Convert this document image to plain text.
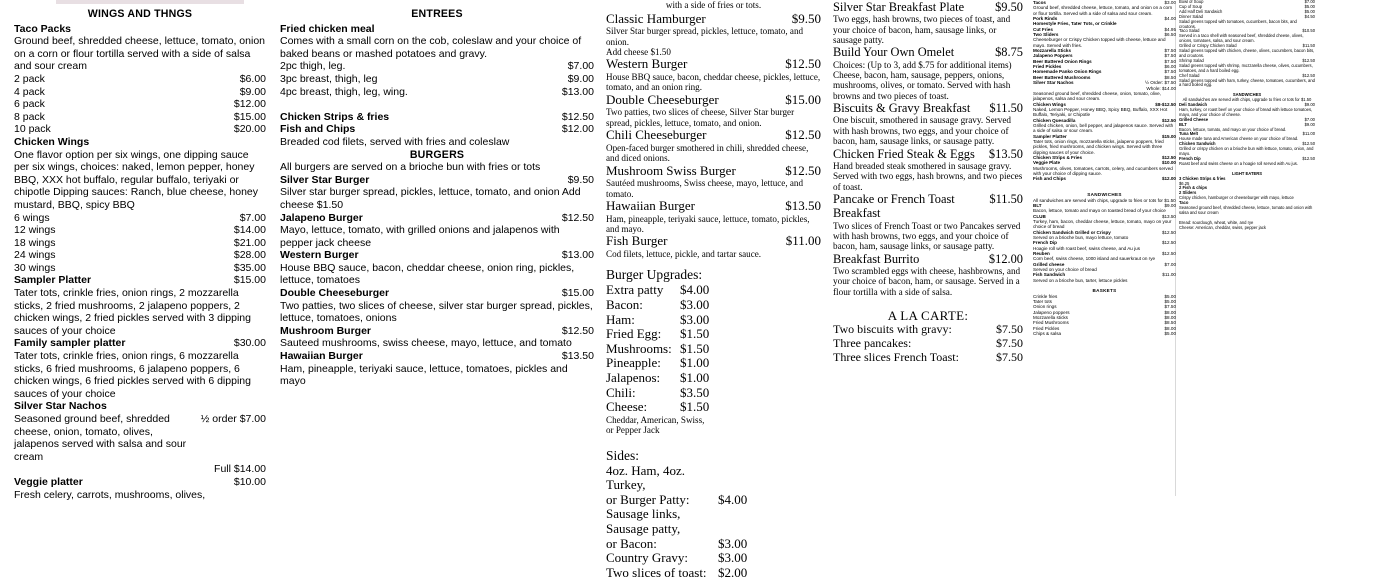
WINGS AND THNGS
Taco Packs
Ground beef, shredded cheese, lettuce, tomato, onion on a corn or flour tortilla served with a side of salsa and sour cream
2 pack	$6.00
4 pack	$9.00
6 pack	$12.00
8 pack	$15.00
10 pack	$20.00
Chicken Wings
One flavor option per six wings, one dipping sauce per six wings, choices: naked, lemon pepper, honey BBQ, XXX hot buffalo, regular buffalo, teriyaki or chipotle Dipping sauces: Ranch, blue cheese, honey mustard, BBQ, spicy BBQ
6 wings	$7.00
12 wings	$14.00
18 wings	$21.00
24 wings	$28.00
30 wings	$35.00
Sampler Platter	$15.00
Tater tots, crinkle fries, onion rings, 2 mozzarella sticks, 2 fried mushrooms, 2 jalapeno poppers, 2 chicken wings, 2 fried pickles served with 3 dipping sauces of your choice
Family sampler platter	$30.00
Tater tots, crinkle fries, onion rings, 6 mozzarella sticks, 6 fried mushrooms, 6 jalapeno poppers, 6 chicken wings, 6 fried pickles served with 6 dipping sauces of your choice
Silver Star Nachos
Seasoned ground beef, shredded cheese, onion, tomato, olives, jalapenos served with salsa and sour cream
½ order $7.00
Full $14.00
Veggie platter	$10.00
Fresh celery, carrots, mushrooms, olives,
ENTREES
Fried chicken meal
Comes with a small corn on the cob, coleslaw and your choice of baked beans or mashed potatoes and gravy.
2pc thigh, leg.	$7.00
3pc breast, thigh, leg	$9.00
4pc breast, thigh, leg, wing.	$13.00
Chicken Strips & fries	$12.50
Fish and Chips	$12.00
Breaded cod filets, served with fries and coleslaw
BURGERS
All burgers are served on a brioche bun with fries or tots
Silver Star Burger	$9.50
Silver star burger spread, pickles, lettuce, tomato, and onion Add cheese $1.50
Jalapeno Burger	$12.50
Mayo, lettuce, tomato, with grilled onions and jalapenos with pepper jack cheese
Western Burger	$13.00
House BBQ sauce, bacon, cheddar cheese, onion ring, pickles, lettuce, tomatoes
Double Cheeseburger	$15.00
Two patties, two slices of cheese, silver star burger spread, pickles, lettuce, tomatoes, onions
Mushroom Burger	$12.50
Sauteed mushrooms, swiss cheese, mayo, lettuce, and tomato
Hawaiian Burger	$13.50
Ham, pineapple, teriyaki sauce, lettuce, tomatoes, pickles and mayo
with a side of fries or tots.
Classic Hamburger	$9.50
Silver Star burger spread, pickles, lettuce, tomato, and onion.
Add cheese $1.50
Western Burger	$12.50
House BBQ sauce, bacon, cheddar cheese, pickles, lettuce, tomato, and an onion ring.
Double Cheeseburger	$15.00
Two patties, two slices of cheese, Silver Star burger spread, pickles, lettuce, tomato, and onion.
Chili Cheeseburger	$12.50
Open-faced burger smothered in chili, shredded cheese, and diced onions.
Mushroom Swiss Burger	$12.50
Sautéed mushrooms, Swiss cheese, mayo, lettuce, and tomato.
Hawaiian Burger	$13.50
Ham, pineapple, teriyaki sauce, lettuce, tomato, pickles, and mayo.
Fish Burger	$11.00
Cod filets, lettuce, pickle, and tartar sauce.
Burger Upgrades:
Extra patty	$4.00
Bacon:	$3.00
Ham:	$3.00
Fried Egg:	$1.50
Mushrooms: $1.50
Pineapple:	$1.00
Jalapenos:	$1.00
Chili:	$3.50
Cheese:	$1.50
Cheddar, American, Swiss,
or Pepper Jack
Sides:
4oz. Ham, 4oz. Turkey,
or Burger Patty:	$4.00
Sausage links, Sausage patty,
or Bacon:	$3.00
Country Gravy:	$3.00
Two slices of toast: $2.00
Silver Star Breakfast Plate	$9.50
Two eggs, hash browns, two pieces of toast, and your choice of bacon, ham, sausage links, or sausage patty.
Build Your Own Omelet	$8.75
Choices: (Up to 3, add $.75 for additional items) Cheese, bacon, ham, sausage, peppers, onions, mushrooms, olives, or tomato. Served with hash browns and two pieces of toast.
Biscuits & Gravy Breakfast	$11.50
One biscuit, smothered in sausage gravy. Served with hash browns, two eggs, and your choice of bacon, ham, sausage links, or sausage patty.
Chicken Fried Steak & Eggs	$13.50
Hand breaded steak smothered in sausage gravy. Served with two eggs, hash browns, and two pieces of toast.
Pancake or French Toast Breakfast
$11.50
Two slices of French Toast or two Pancakes served with hash browns, two eggs, and your choice of bacon, ham, sausage links, or sausage patty.
Breakfast Burrito	$12.00
Two scrambled eggs with cheese, hashbrowns, and your choice of bacon, ham, or sausage. Served in a flour tortilla with a side of salsa.
A LA CARTE:
Two biscuits with gravy:	$7.50
Three pancakes:	$7.50
Three slices French Toast:	$7.50
Tacos	$3.00
Ground beef, shredded cheese, lettuce, tomato, and onion on a corn or flour tortilla. Served with a side of salsa and sour cream.
Pork Rinds	$4.00
Homestyle Fries, Tater Tots, or Crinkle
Cut Fries	$4.95
Two Sliders	$6.50
Cheeseburger or Crispy Chicken topped with cheese, lettuce and mayo. Served with fries.
Mozzarella Sticks	$7.50
Jalapeno Poppers	$7.50
Beer Battered Onion Rings	$7.50
Fried Pickles	$6.00
Homemade Panko Onion Rings	$7.50
Beer Battered Mushrooms	$8.50
Silver Star Nachos	½ Order: $7.50
Whole: $14.00
Seasoned ground beef, shredded cheese, onion, tomato, olive, jalapenos, salsa and sour cream.
Chicken Wings	$8-$12.50
Naked, Lemon Pepper, Honey BBQ, Spicy BBQ, Buffalo, XXX Hot Buffalo, Teriyaki, or Chipotle
Chicken Quesadilla	$12.50
Grilled chicken, onion, bell pepper, and jalapenos sauce. Served with a side of salsa or sour cream.
Sampler Platter	$15.00
Tater tots, onion rings, mozzarella sticks, jalapeno poppers, fried pickles, fried mushrooms, and chicken wings. Served with three dipping sauces of your choice.
Chicken Strips & Fries	$12.50
Veggie Plate	$10.00
Mushrooms, olives, tomatoes, carrots, celery, and cucumbers served with your choice of dipping sauce.
Fish and Chips	$12.00
SANDWICHES
All sandwiches are served with chips, upgrade to fries or tots for $1.50
BLT	$9.00
Bacon, lettuce, tomato and mayo on toasted bread of your choice
CLUB	$13.50
Turkey, ham, bacon, cheddar cheese, lettuce, tomato, mayo on your choice of bread
Chicken Sandwich Grilled or Crispy	$12.50
Served on a brioche bun, mayo lettuce, tomato
French Dip	$12.50
Hoagie roll with roast beef, swiss cheese, and Au jus
Reuben	$12.50
Corn beef, swiss cheese, 1000 island and sauerkraut on rye
Grilled cheese	$7.00
Served on your choice of bread
Fish Sandwich	$11.00
Served on a brioche bun, tarter, lettuce pickles
BASKETS
Crinkle fries	$5.00
Tater tots	$5.00
Onion rings	$7.50
Jalapeno poppers	$8.00
Mozzarella sticks	$8.00
Fried Mushrooms	$8.50
Fried Pickles	$8.00
Chips & salsa	$5.00
Bowl of Soup	$7.00
Cup of Soup	$5.00
Add Half Deli Sandwich	$5.00
Dinner Salad	$4.50
Salad greens topped with tomatoes, cucumbers, bacon bits, and croutons.
Taco Salad	$10.50
Served in a taco shell with seasoned beef, shredded cheese, olives, onions, tomatoes, salsa, and sour cream.
Grilled or Crispy Chicken Salad	$11.50
Salad greens topped with chicken, cheese, olives, cucumbers, bacon bits, and croutons.
Shrimp Salad	$12.50
Salad greens topped with shrimp, mozzarella cheese, olives, cucumbers, tomatoes, and a hard boiled egg.
Chef Salad	$12.50
Salad greens topped with ham, turkey, cheese, tomatoes, cucumbers, and a hard boiled egg.
SANDWICHES
All sandwiches are served with chips, upgrade to fries or tots for $1.50
Deli Sandwich	$9.00
Ham, turkey, or roast beef on your choice of bread with lettuce tomatoes, mayo, and your choice of cheese.
Grilled Cheese	$7.00
BLT	$9.00
Bacon, lettuce, tomato, and mayo on your choice of bread.
Tuna Melt	$11.00
House made tuna and American cheese on your choice of bread.
Chicken Sandwich	$12.50
Grilled or crispy chicken on a brioche bun with lettuce, tomato, onion, and mayo.
French Dip	$12.50
Roast beef and swiss cheese on a hoagie roll served with Au jus.
LIGHT EATERS
3 Chicken Strips & fries
$6.25
2 Fish & chips
2 Sliders
Crispy chicken, hamburger or cheeseburger with mayo, lettuce
Taco
Seasoned ground beef, shredded cheese, lettuce, tomato and onion with salsa and sour cream
Bread: sourdough, wheat, white, and rye
Cheese: American, cheddar, swiss, pepper jack
